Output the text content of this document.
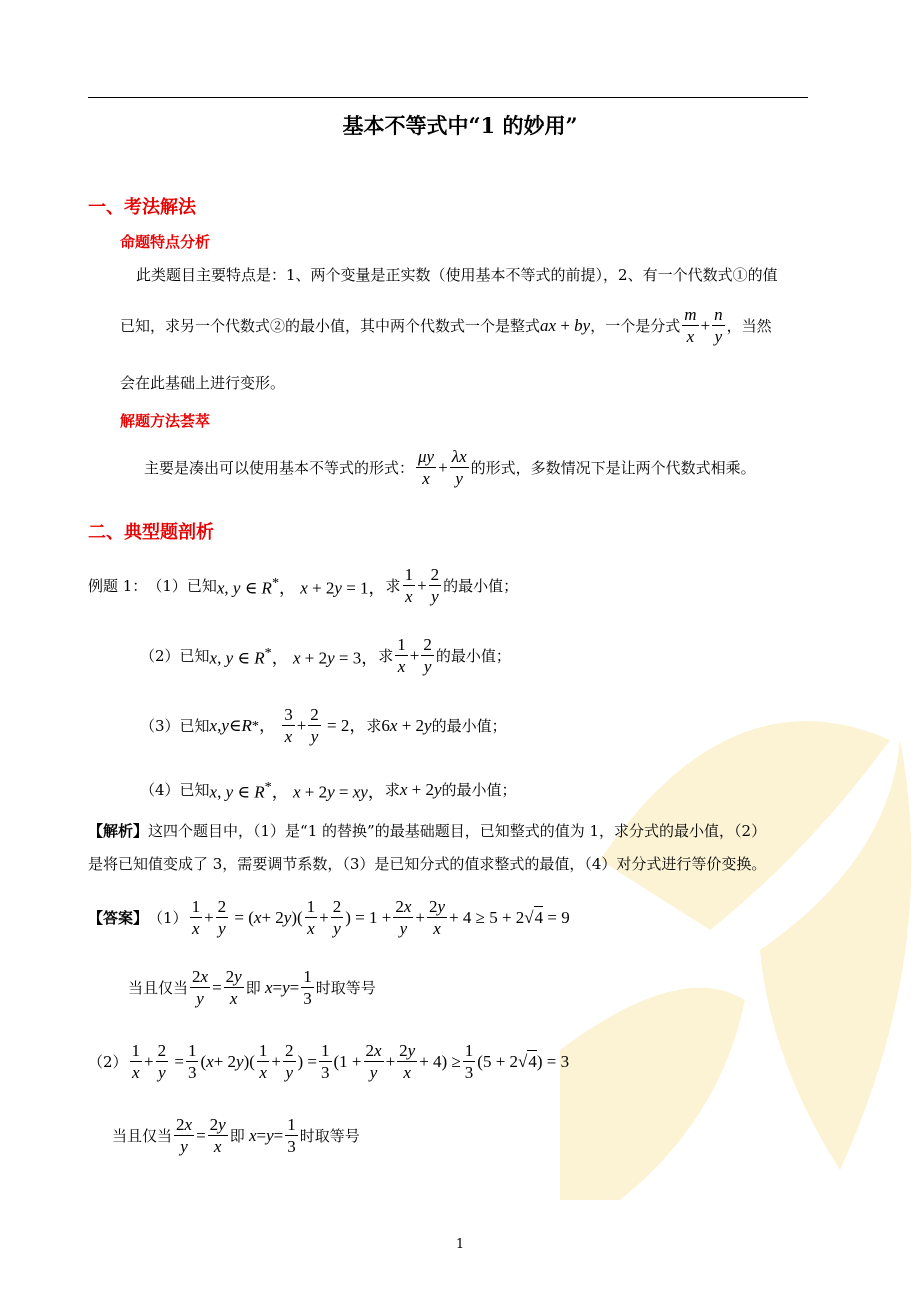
基本不等式中“1 的妙用”
一、考法解法
命题特点分析
此类题目主要特点是：1、两个变量是正实数（使用基本不等式的前提），2、有一个代数式①的值
已知，求另一个代数式②的最小值，其中两个代数式一个是整式 ax + by ，一个是分式 $\frac{m}{x} + \frac{n}{y}$ ，当然
会在此基础上进行变形。
解题方法荟萃
主要是凑出可以使用基本不等式的形式： $\frac{\mu y}{x} + \frac{\lambda x}{y}$ 的形式，多数情况下是让两个代数式相乘。
二、典型题剖析
例题 1： （1）已知 x, y ∈ R*， x + 2y = 1， 求 $\frac{1}{x} + \frac{2}{y}$ 的最小值；
（2）已知 x, y ∈ R*， x + 2y = 3， 求 $\frac{1}{x} + \frac{2}{y}$ 的最小值；
（3）已知 x , y ∈ R * ， $\frac{3}{x} + \frac{2}{y} = 2$， 求 6x + 2y 的最小值；
（4）已知 x, y ∈ R*， x + 2y = xy， 求 x + 2y 的最小值；
【解析】这四个题目中，（1）是“1 的替换”的最基础题目，已知整式的值为 1，求分式的最小值，（2）
是将已知值变成了 3，需要调节系数，（3）是已知分式的值求整式的最值，（4）对分式进行等价变换。
【答案】 $(1) \frac{1}{x} + \frac{2}{y}$ = ( x + 2 y )( $\frac{1}{x} + \frac{2}{y}$ ) = $1 + \frac{2x}{y} + \frac{2y}{x} + 4 \ge 5 + 2√$ 4 = 9
当且仅当 $\frac{2x}{y} = \frac{2y}{x}$ 即
$x = y = \frac{1}{3}$ 时取等号
$(2) \frac{1}{x} + \frac{2}{y} = \frac{1}{3}$ ( x + 2 y )( $\frac{1}{x} + \frac{2}{y}$ ) = $\frac{1}{3} (1 + \frac{2x}{y} + \frac{2y}{x} + 4) \ge \frac{1}{3} (5 + 2√$ 4 ) = 3
当且仅当 $\frac{2x}{y} = \frac{2y}{x}$ 即
$x = y = \frac{1}{3}$ 时取等号
1
